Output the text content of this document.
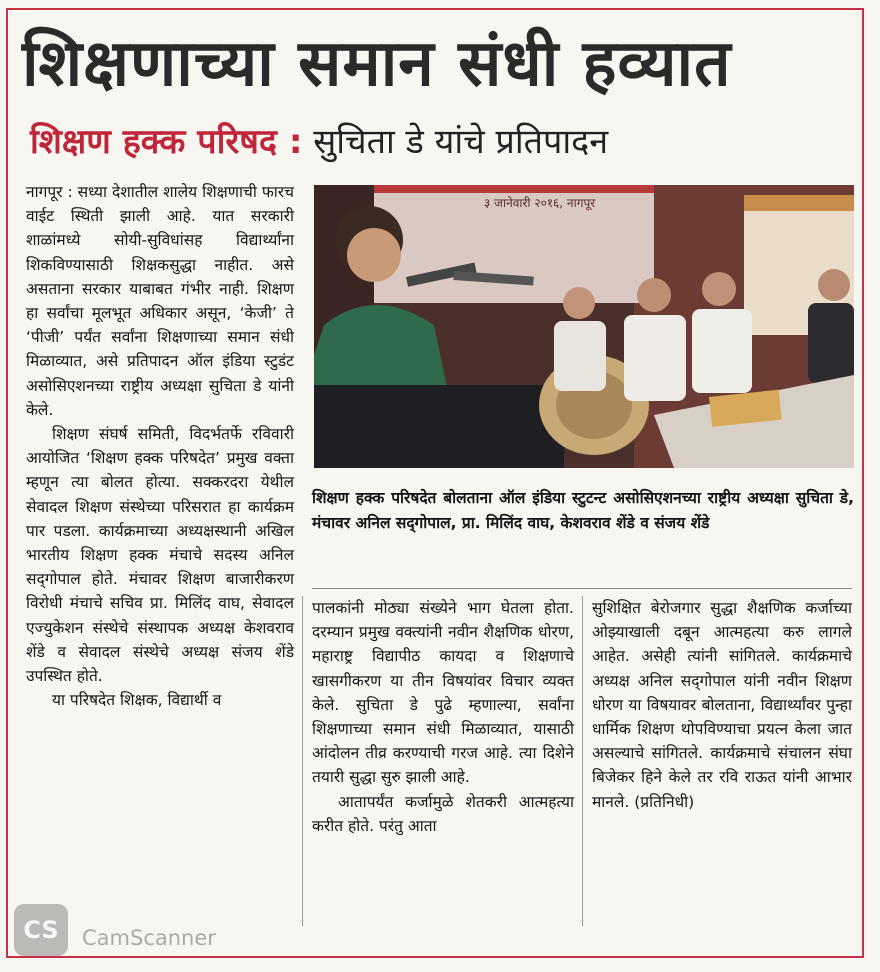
शिक्षणाच्या समान संधी हव्यात
शिक्षण हक्क परिषद : सुचिता डे यांचे प्रतिपादन

नागपूर : सध्या देशातील शालेय शिक्षणाची फारच वाईट स्थिती झाली आहे. यात सरकारी शाळांमध्ये सोयी-सुविधांसह विद्यार्थ्यांना शिकविण्यासाठी शिक्षकसुद्धा नाहीत. असे असताना सरकार याबाबत गंभीर नाही. शिक्षण हा सर्वांचा मूलभूत अधिकार असून, ‘केजी’ ते ‘पीजी’ पर्यंत सर्वांना शिक्षणाच्या समान संधी मिळाव्यात, असे प्रतिपादन ऑल इंडिया स्टुडंट असोसिएशनच्या राष्ट्रीय अध्यक्षा सुचिता डे यांनी केले.

शिक्षण संघर्ष समिती, विदर्भतर्फे रविवारी आयोजित ‘शिक्षण हक्क परिषदेत’ प्रमुख वक्ता म्हणून त्या बोलत होत्या. सक्करदरा येथील सेवादल शिक्षण संस्थेच्या परिसरात हा कार्यक्रम पार पडला. कार्यक्रमाच्या अध्यक्षस्थानी अखिल भारतीय शिक्षण हक्क मंचाचे सदस्य अनिल सद्‌गोपाल होते. मंचावर शिक्षण बाजारीकरण विरोधी मंचाचे सचिव प्रा. मिलिंद वाघ, सेवादल एज्युकेशन संस्थेचे संस्थापक अध्यक्ष केशवराव शेंडे व सेवादल संस्थेचे अध्यक्ष संजय शेंडे उपस्थित होते.

या परिषदेत शिक्षक, विद्यार्थी व

३ जानेवारी २०१६, नागपूर
शिक्षण हक्क परिषदेत बोलताना ऑल इंडिया स्टुटन्ट असोसिएशनच्या राष्ट्रीय अध्यक्षा सुचिता डे, मंचावर अनिल सद्‌गोपाल, प्रा. मिलिंद वाघ, केशवराव शेंडे व संजय शेंडे

पालकांनी मोठ्या संख्येने भाग घेतला होता. दरम्यान प्रमुख वक्त्यांनी नवीन शैक्षणिक धोरण, महाराष्ट्र विद्यापीठ कायदा व शिक्षणाचे खासगीकरण या तीन विषयांवर विचार व्यक्त केले. सुचिता डे पुढे म्हणाल्या, सर्वांना शिक्षणाच्या समान संधी मिळाव्यात, यासाठी आंदोलन तीव्र करण्याची गरज आहे. त्या दिशेने तयारी सुद्धा सुरु झाली आहे.

आतापर्यंत कर्जामुळे शेतकरी आत्महत्या करीत होते. परंतु आता

सुशिक्षित बेरोजगार सुद्धा शैक्षणिक कर्जाच्या ओझ्याखाली दबून आत्महत्या करु लागले आहेत. असेही त्यांनी सांगितले. कार्यक्रमाचे अध्यक्ष अनिल सद्‌गोपाल यांनी नवीन शिक्षण धोरण या विषयावर बोलताना, विद्यार्थ्यांवर पुन्हा धार्मिक शिक्षण थोपविण्याचा प्रयत्न केला जात असल्याचे सांगितले. कार्यक्रमाचे संचालन संघा बिजेकर हिने केले तर रवि राऊत यांनी आभार मानले. (प्रतिनिधी)

CS	CamScanner
